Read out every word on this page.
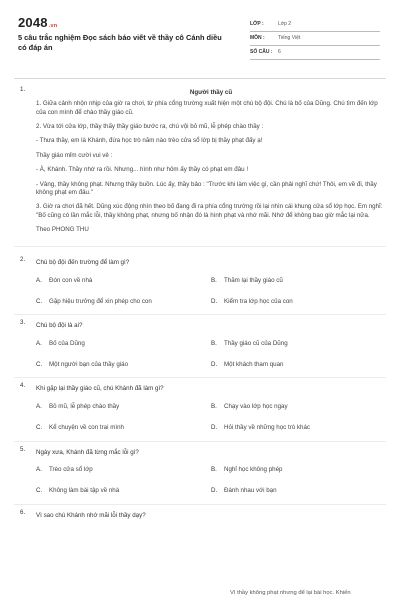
2048.vn
5 câu trắc nghiệm Đọc sách báo viết về thầy cô Cánh diều có đáp án
LỚP :	Lớp 2
MÔN :	Tiếng Việt
SỐ CÂU :	6
1.	Người thầy cũ

1. Giữa cảnh nhộn nhịp của giờ ra chơi, từ phía cổng trường xuất hiện một chú bộ đội. Chú là bố của Dũng. Chú tìm đến lớp của con mình để chào thầy giáo cũ.

2. Vừa tới cửa lớp, thầy thấy thầy giáo bước ra, chú vội bỏ mũ, lễ phép chào thầy :

- Thưa thầy, em là Khánh, đứa học trò năm nào trèo cửa sổ lớp bị thầy phạt đấy ạ!

Thầy giáo mỉm cười vui vẻ :

- À, Khánh. Thầy nhớ ra rồi. Nhưng... hình như hôm ấy thầy có phạt em đâu !

- Vâng, thầy không phạt. Nhưng thầy buồn. Lúc ấy, thầy bảo : "Trước khi làm việc gì, cần phải nghĩ chứ! Thôi, em về đi, thầy không phạt em đâu."

3. Giờ ra chơi đã hết. Dũng xúc động nhìn theo bố đang đi ra phía cổng trường rồi lại nhìn cái khung cửa sổ lớp học. Em nghĩ: "Bố cũng có lần mắc lỗi, thầy không phạt, nhưng bố nhận đó là hình phạt và nhớ mãi. Nhớ để không bao giờ mắc lại nữa.

Theo PHONG THU

2. Chú bộ đội đến trường để làm gì?
A.	Đón con về nhà	B.	Thăm lại thầy giáo cũ
C.	Gặp hiệu trưởng để xin phép cho con	D.	Kiểm tra lớp học của con
3. Chú bộ đội là ai?
A.	Bố của Dũng	B.	Thầy giáo cũ của Dũng
C.	Một người bạn của thầy giáo	D.	Một khách tham quan
4. Khi gặp lại thầy giáo cũ, chú Khánh đã làm gì?
A.	Bỏ mũ, lễ phép chào thầy	B.	Chạy vào lớp học ngay
C.	Kể chuyện về con trai mình	D.	Hỏi thầy về những học trò khác
5. Ngày xưa, Khánh đã từng mắc lỗi gì?
A.	Trèo cửa sổ lớp	B.	Nghỉ học không phép
C.	Không làm bài tập về nhà	D.	Đánh nhau với bạn
6. Vì sao chú Khánh nhớ mãi lỗi thầy dạy?
Vì thầy không phạt nhưng để lại bài học. Khiến
